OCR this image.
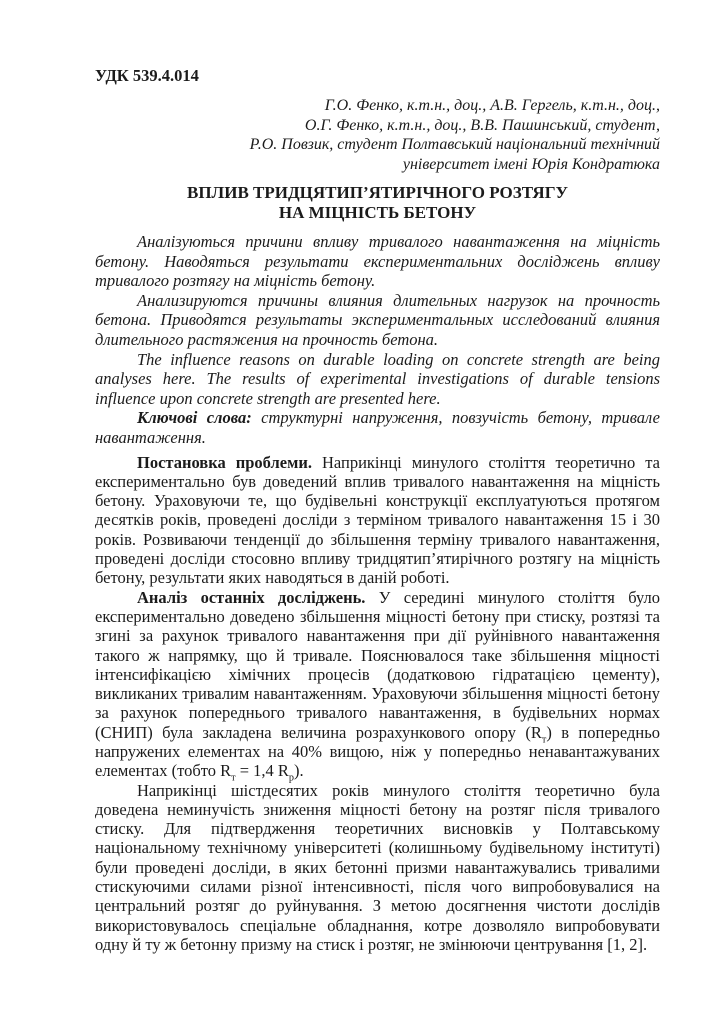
УДК 539.4.014

Г.О. Фенко, к.т.н., доц., А.В. Гергель, к.т.н., доц.,
О.Г. Фенко, к.т.н., доц., В.В. Пашинський, студент,
Р.О. Повзик, студент Полтавський національний технічний
університет імені Юрія Кондратюка
ВПЛИВ ТРИДЦЯТИП’ЯТИРІЧНОГО РОЗТЯГУ
НА МІЦНІСТЬ БЕТОНУ

Аналізуються причини впливу тривалого навантаження на міцність бетону. Наводяться результати експериментальних досліджень впливу тривалого розтягу на міцність бетону.

Анализируются причины влияния длительных нагрузок на прочность бетона. Приводятся результаты экспериментальных исследований влияния длительного растяжения на прочность бетона.

The influence reasons on durable loading on concrete strength are being analyses here. The results of experimental investigations of durable tensions influence upon concrete strength are presented here.

Ключові слова: структурні напруження, повзучість бетону, тривале навантаження.

Постановка проблеми. Наприкінці минулого століття теоретично та експериментально був доведений вплив тривалого навантаження на міцність бетону. Ураховуючи те, що будівельні конструкції експлуатуються протягом десятків років, проведені досліди з терміном тривалого навантаження 15 і 30 років. Розвиваючи тенденції до збільшення терміну тривалого навантаження, проведені досліди стосовно впливу тридцятип’ятирічного розтягу на міцність бетону, результати яких наводяться в даній роботі.

Аналіз останніх досліджень. У середині минулого століття було експериментально доведено збільшення міцності бетону при стиску, розтязі та згині за рахунок тривалого навантаження при дії руйнівного навантаження такого ж напрямку, що й тривале. Пояснювалося таке збільшення міцності інтенсифікацією хімічних процесів (додатковою гідратацією цементу), викликаних тривалим навантаженням. Ураховуючи збільшення міцності бетону за рахунок попереднього тривалого навантаження, в будівельних нормах (СНИП) була закладена величина розрахункового опору $(R_т)$ в попередньо напружених елементах на 40% вищою, ніж у попередньо ненавантажуваних елементах (тобто $R_т = 1,4$ $R_р$).

Наприкінці шістдесятих років минулого століття теоретично була доведена неминучість зниження міцності бетону на розтяг після тривалого стиску. Для підтвердження теоретичних висновків у Полтавському національному технічному університеті (колишньому будівельному інституті) були проведені досліди, в яких бетонні призми навантажувались тривалими стискуючими силами різної інтенсивності, після чого випробовувалися на центральний розтяг до руйнування. З метою досягнення чистоти дослідів використовувалось спеціальне обладнання, котре дозволяло випробовувати одну й ту ж бетонну призму на стиск і розтяг, не змінюючи центрування [1, 2].
